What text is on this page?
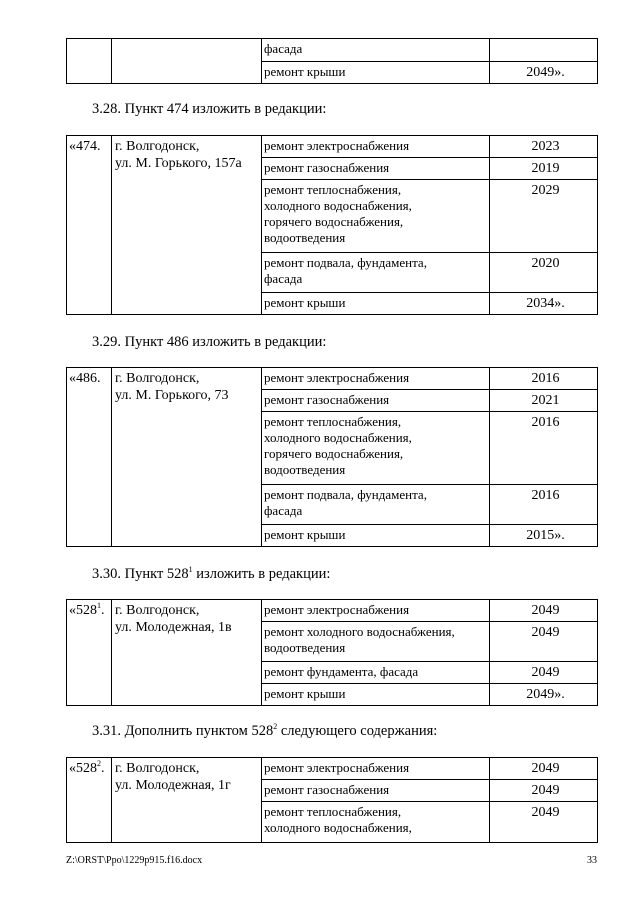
		фасада	
		ремонт крыши	2049».
3.28. Пункт 474 изложить в редакции:
«474.	г. Волгодонск,
ул. М. Горького, 157а	ремонт электроснабжения	2023
		ремонт газоснабжения	2019

		ремонт теплоснабжения,
холодного водоснабжения,
горячего водоснабжения,
водоотведения	2029

		ремонт подвала, фундамента,
фасада	2020
		ремонт крыши	2034».
3.29. Пункт 486 изложить в редакции:
«486.	г. Волгодонск,
ул. М. Горького, 73	ремонт электроснабжения	2016
		ремонт газоснабжения	2021

		ремонт теплоснабжения,
холодного водоснабжения,
горячего водоснабжения,
водоотведения	2016

		ремонт подвала, фундамента,
фасада	2016
		ремонт крыши	2015».
3.30. Пункт $528^1$ изложить в редакции:
«$528^1$.	г. Волгодонск,
ул. Молодежная, 1в	ремонт электроснабжения	2049

		ремонт холодного водоснабжения,
водоотведения	2049
		ремонт фундамента, фасада	2049
		ремонт крыши	2049».
3.31. Дополнить пунктом $528^2$ следующего содержания:
«$528^2$.	г. Волгодонск,
ул. Молодежная, 1г	ремонт электроснабжения	2049
		ремонт газоснабжения	2049

		ремонт теплоснабжения,
холодного водоснабжения,	2049
Z:\ORST\Ppo\1229p915.f16.docx	33
